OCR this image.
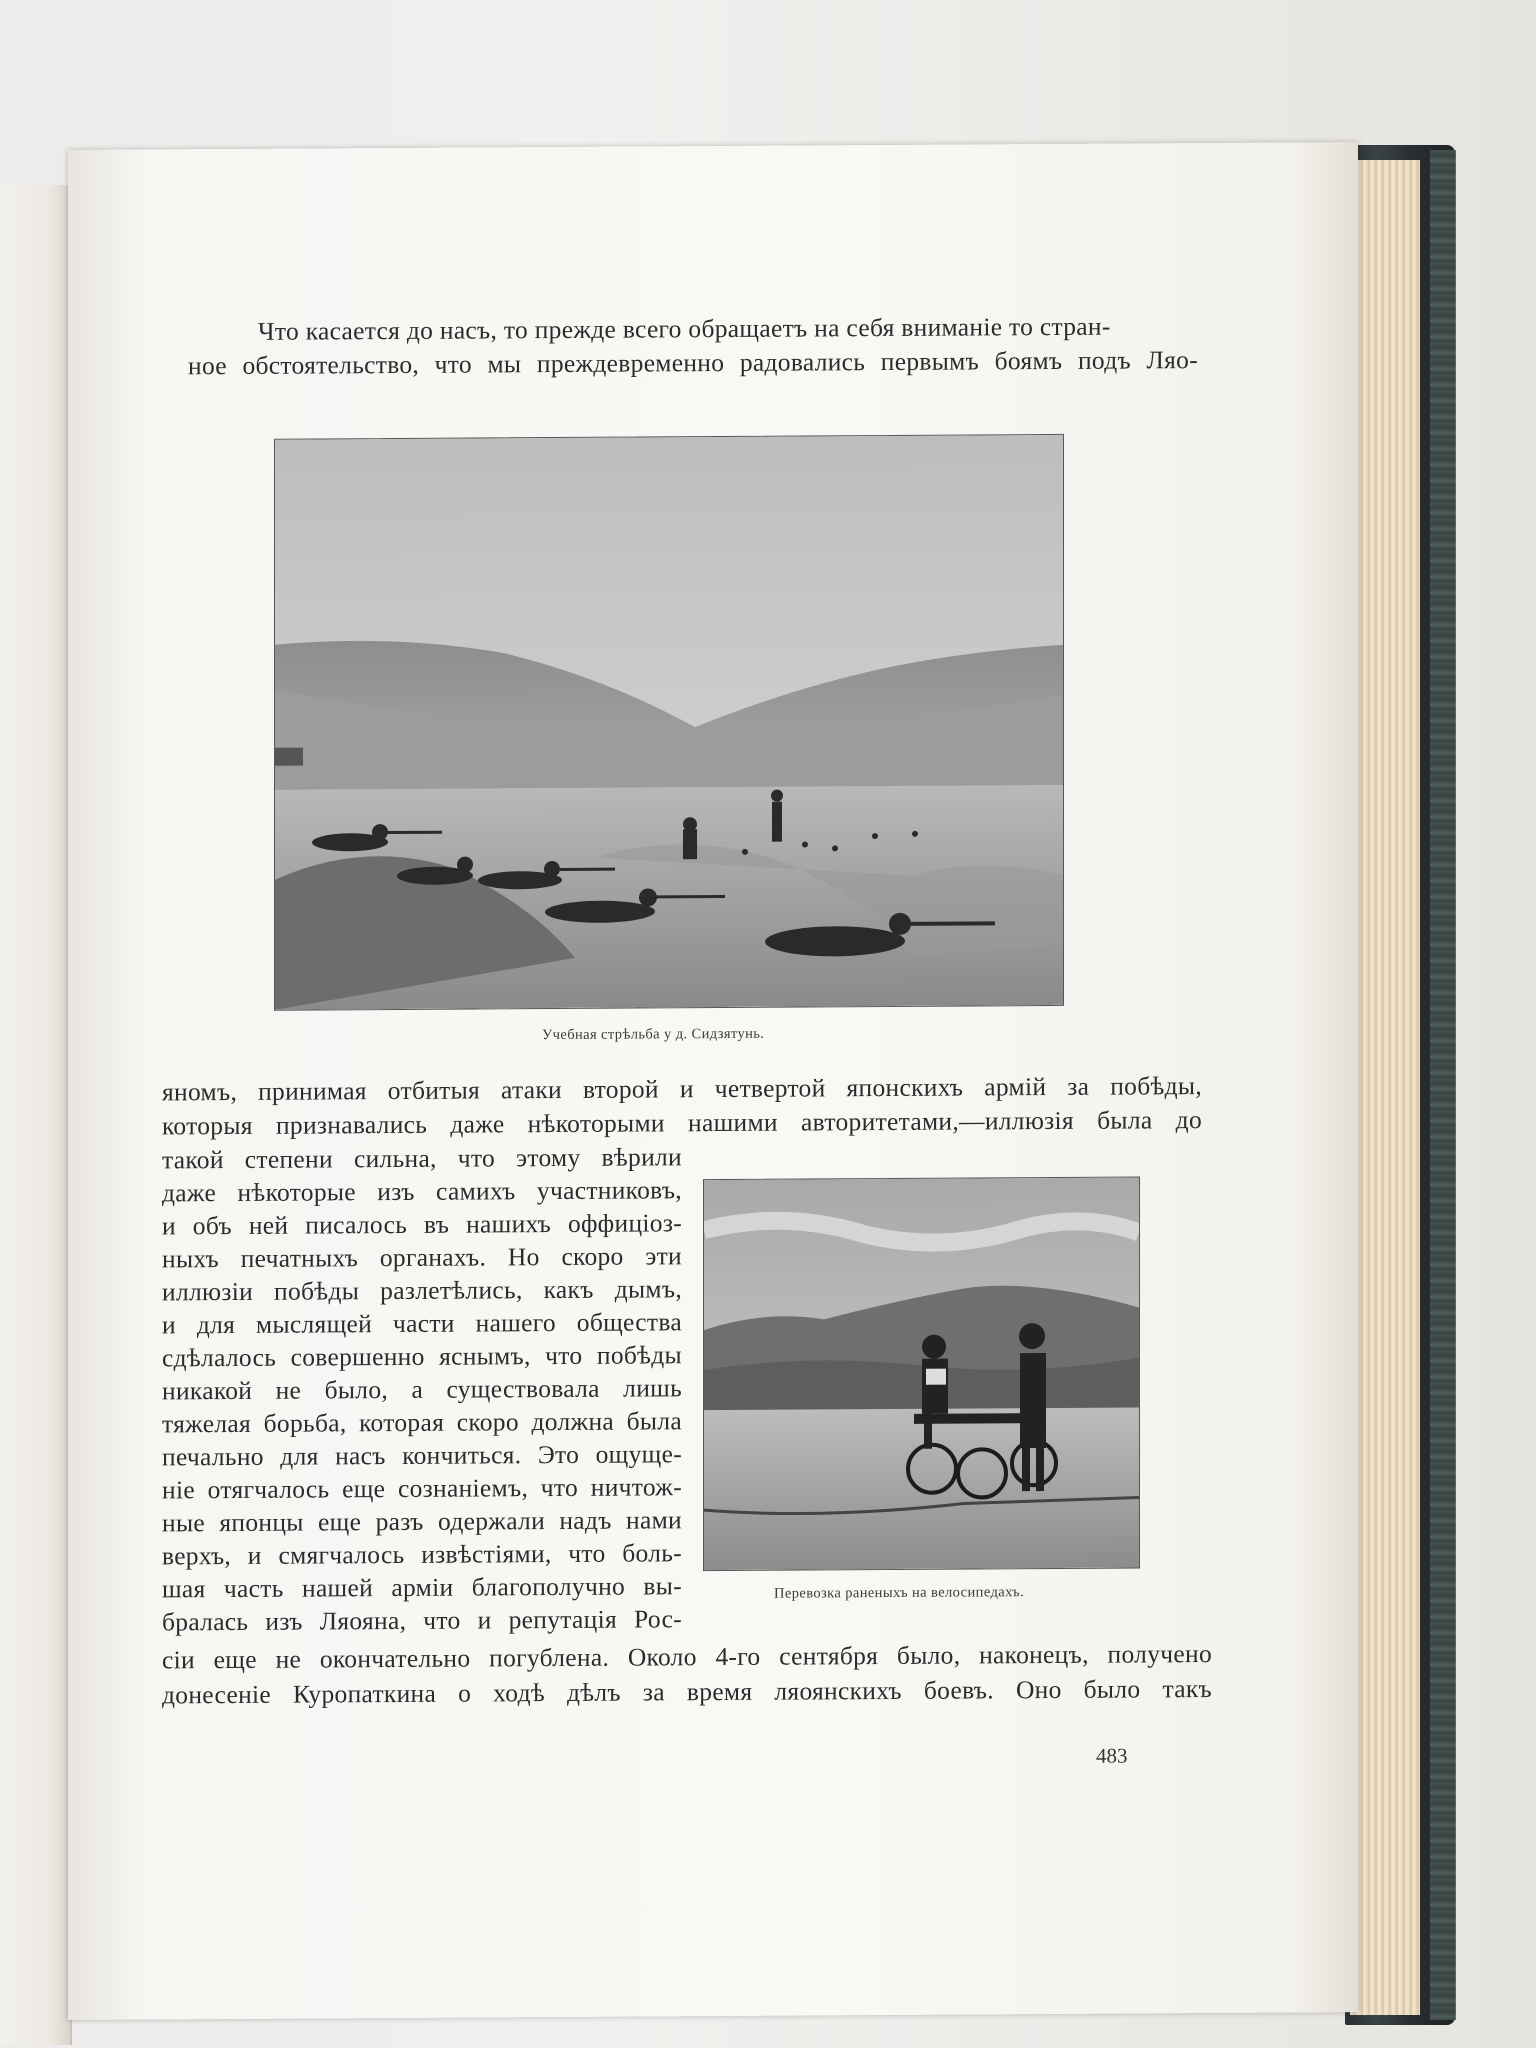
Что касается до насъ, то прежде всего обращаетъ на себя вниманіе то стран-
ное обстоятельство, что мы преждевременно радовались первымъ боямъ подъ Ляо-
Учебная стрѣльба у д. Сидзятунь.
яномъ, принимая отбитыя атаки второй и четвертой японскихъ армій за побѣды,
которыя признавались даже нѣкоторыми нашими авторитетами,—иллюзія была до
такой степени сильна, что этому вѣрили
даже нѣкоторые изъ самихъ участниковъ,
и объ ней писалось въ нашихъ оффиціоз-
ныхъ печатныхъ органахъ. Но скоро эти
иллюзіи побѣды разлетѣлись, какъ дымъ,
и для мыслящей части нашего общества
сдѣлалось совершенно яснымъ, что побѣды
никакой не было, а существовала лишь
тяжелая борьба, которая скоро должна была
печально для насъ кончиться. Это ощуще-
ніе отягчалось еще сознаніемъ, что ничтож-
ные японцы еще разъ одержали надъ нами
верхъ, и смягчалось извѣстіями, что боль-
шая часть нашей арміи благополучно вы-
бралась изъ Ляояна, что и репутація Рос-
Перевозка раненыхъ на велосипедахъ.
сіи еще не окончательно погублена. Около 4-го сентября было, наконецъ, получено
донесеніе Куропаткина о ходѣ дѣлъ за время ляоянскихъ боевъ. Оно было такъ
483
